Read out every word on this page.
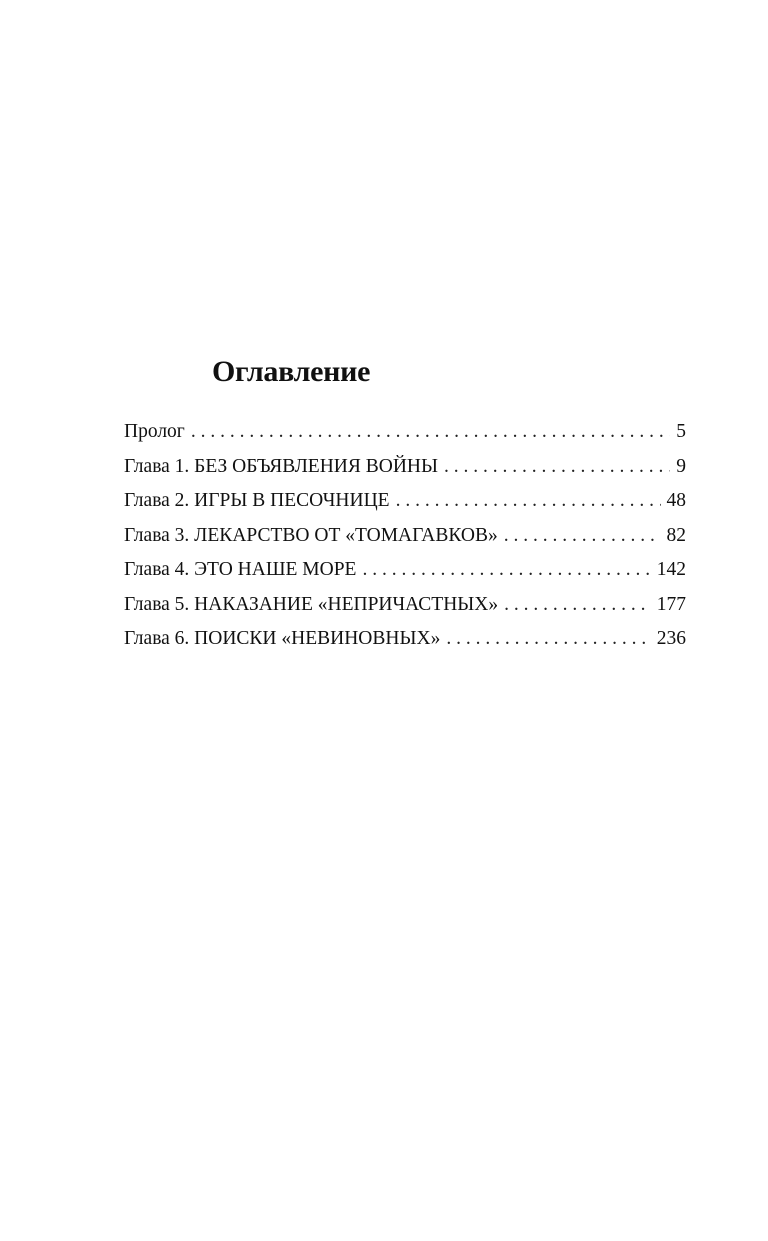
Оглавление
Пролог . . .	5
Глава 1. БЕЗ ОБЪЯВЛЕНИЯ ВОЙНЫ . . .	9
Глава 2. ИГРЫ В ПЕСОЧНИЦЕ . . .	48
Глава 3. ЛЕКАРСТВО ОТ «ТОМАГАВКОВ» . . .	82
Глава 4. ЭТО НАШЕ МОРЕ . . .	142
Глава 5. НАКАЗАНИЕ «НЕПРИЧАСТНЫХ» . . .	177
Глава 6. ПОИСКИ «НЕВИНОВНЫХ» . . .	236
